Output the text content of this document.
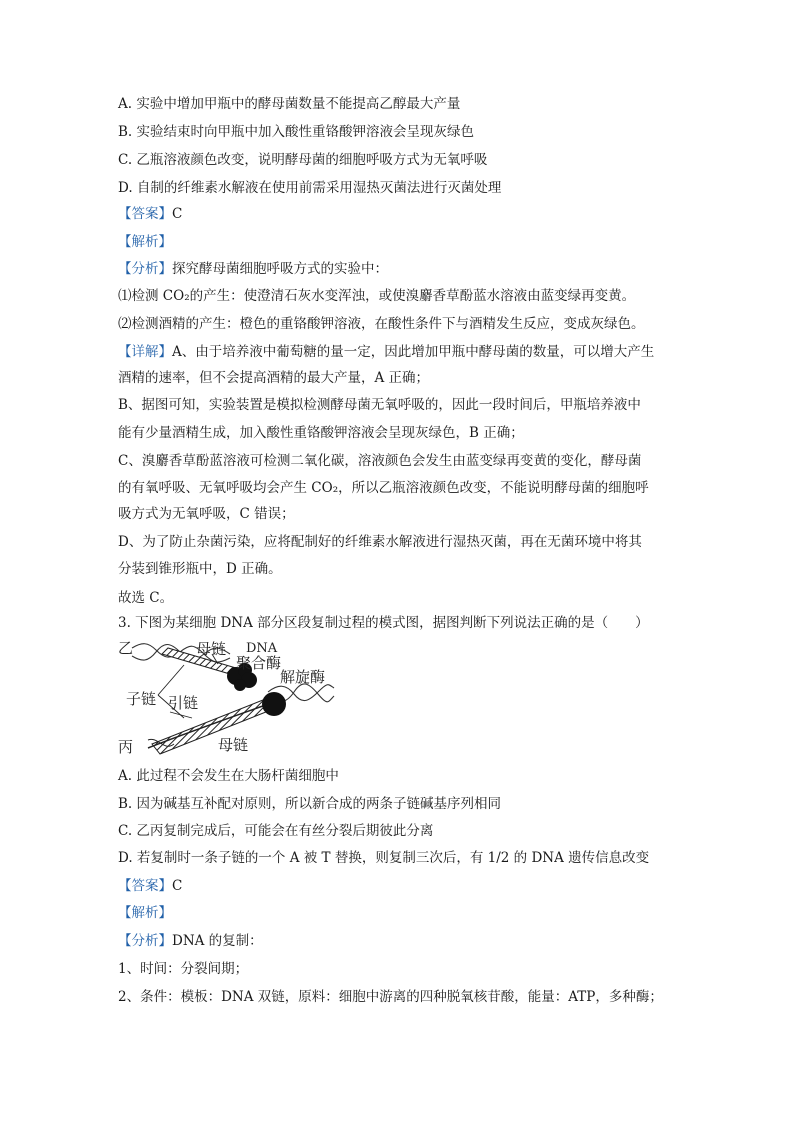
A. 实验中增加甲瓶中的酵母菌数量不能提高乙醇最大产量
B. 实验结束时向甲瓶中加入酸性重铬酸钾溶液会呈现灰绿色
C. 乙瓶溶液颜色改变，说明酵母菌的细胞呼吸方式为无氧呼吸
D. 自制的纤维素水解液在使用前需采用湿热灭菌法进行灭菌处理
【答案】C
【解析】
【分析】探究酵母菌细胞呼吸方式的实验中：
⑴检测 CO₂的产生：使澄清石灰水变浑浊，或使溴麝香草酚蓝水溶液由蓝变绿再变黄。
⑵检测酒精的产生：橙色的重铬酸钾溶液，在酸性条件下与酒精发生反应，变成灰绿色。
【详解】A、由于培养液中葡萄糖的量一定，因此增加甲瓶中酵母菌的数量，可以增大产生
酒精的速率，但不会提高酒精的最大产量，A 正确；
B、据图可知，实验装置是模拟检测酵母菌无氧呼吸的，因此一段时间后，甲瓶培养液中
能有少量酒精生成，加入酸性重铬酸钾溶液会呈现灰绿色，B 正确；
C、溴麝香草酚蓝溶液可检测二氧化碳，溶液颜色会发生由蓝变绿再变黄的变化，酵母菌
的有氧呼吸、无氧呼吸均会产生 CO₂，所以乙瓶溶液颜色改变，不能说明酵母菌的细胞呼
吸方式为无氧呼吸，C 错误；
D、为了防止杂菌污染，应将配制好的纤维素水解液进行湿热灭菌，再在无菌环境中将其
分装到锥形瓶中，D 正确。
故选 C。
3. 下图为某细胞 DNA 部分区段复制过程的模式图，据图判断下列说法正确的是（　　）
乙	母链 DNA
聚合酶
解旋酶
子链 引链
丙	母链
A. 此过程不会发生在大肠杆菌细胞中
B. 因为碱基互补配对原则，所以新合成的两条子链碱基序列相同
C. 乙丙复制完成后，可能会在有丝分裂后期彼此分离
D. 若复制时一条子链的一个 A 被 T 替换，则复制三次后，有 1/2 的 DNA 遗传信息改变
【答案】C
【解析】
【分析】DNA 的复制：
1、时间：分裂间期；
2、条件：模板：DNA 双链，原料：细胞中游离的四种脱氧核苷酸，能量：ATP，多种酶；
